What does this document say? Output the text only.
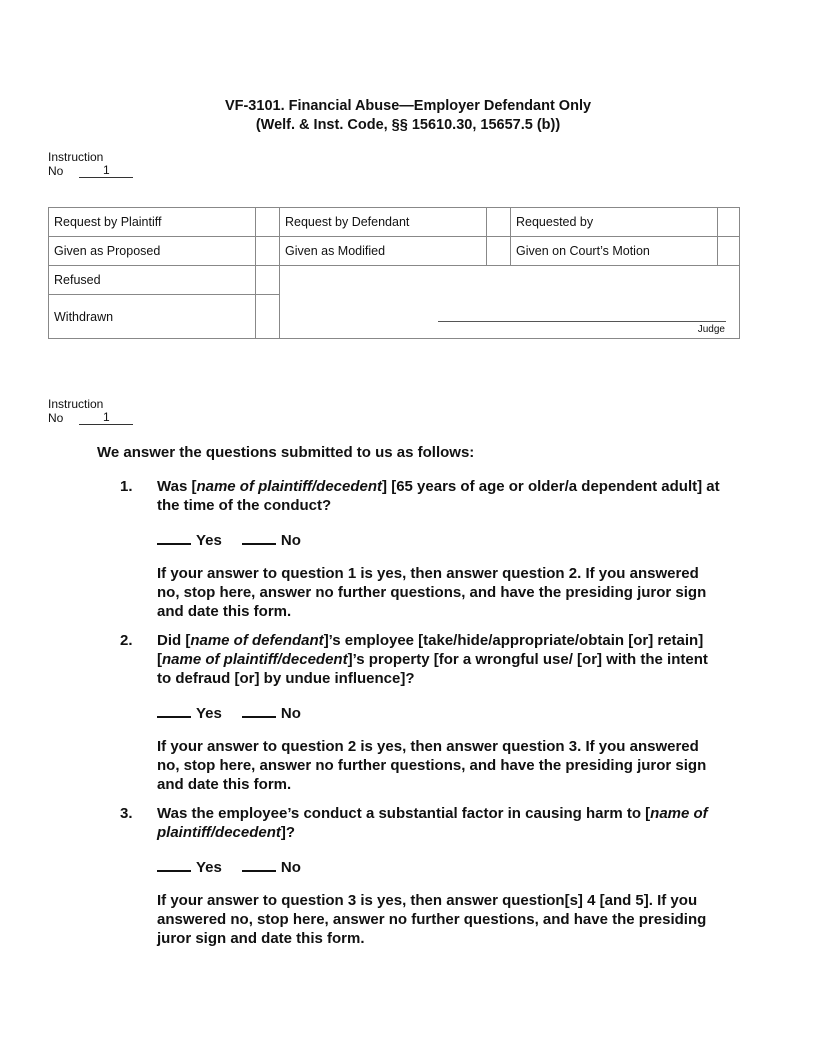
VF-3101. Financial Abuse—Employer Defendant Only
(Welf. & Inst. Code, §§ 15610.30, 15657.5 (b))
Instruction
No	1
Request by Plaintiff		Request by Defendant		Requested by	
Given as Proposed		Given as Modified		Given on Court’s Motion	
Refused		Judge			

Withdrawn					
Instruction
No	1
We answer the questions submitted to us as follows:
1. Was [name of plaintiff/decedent] [65 years of age or older/a dependent adult] at the time of the conduct?
Yes	No
If your answer to question 1 is yes, then answer question 2. If you answered no, stop here, answer no further questions, and have the presiding juror sign and date this form.
2. Did [name of defendant]’s employee [take/hide/appropriate/obtain [or] retain] [name of plaintiff/decedent]’s property [for a wrongful use/ [or] with the intent to defraud [or] by undue influence]?
Yes	No
If your answer to question 2 is yes, then answer question 3. If you answered no, stop here, answer no further questions, and have the presiding juror sign and date this form.
3. Was the employee’s conduct a substantial factor in causing harm to [name of plaintiff/decedent]?
Yes	No
If your answer to question 3 is yes, then answer question[s] 4 [and 5]. If you answered no, stop here, answer no further questions, and have the presiding juror sign and date this form.
